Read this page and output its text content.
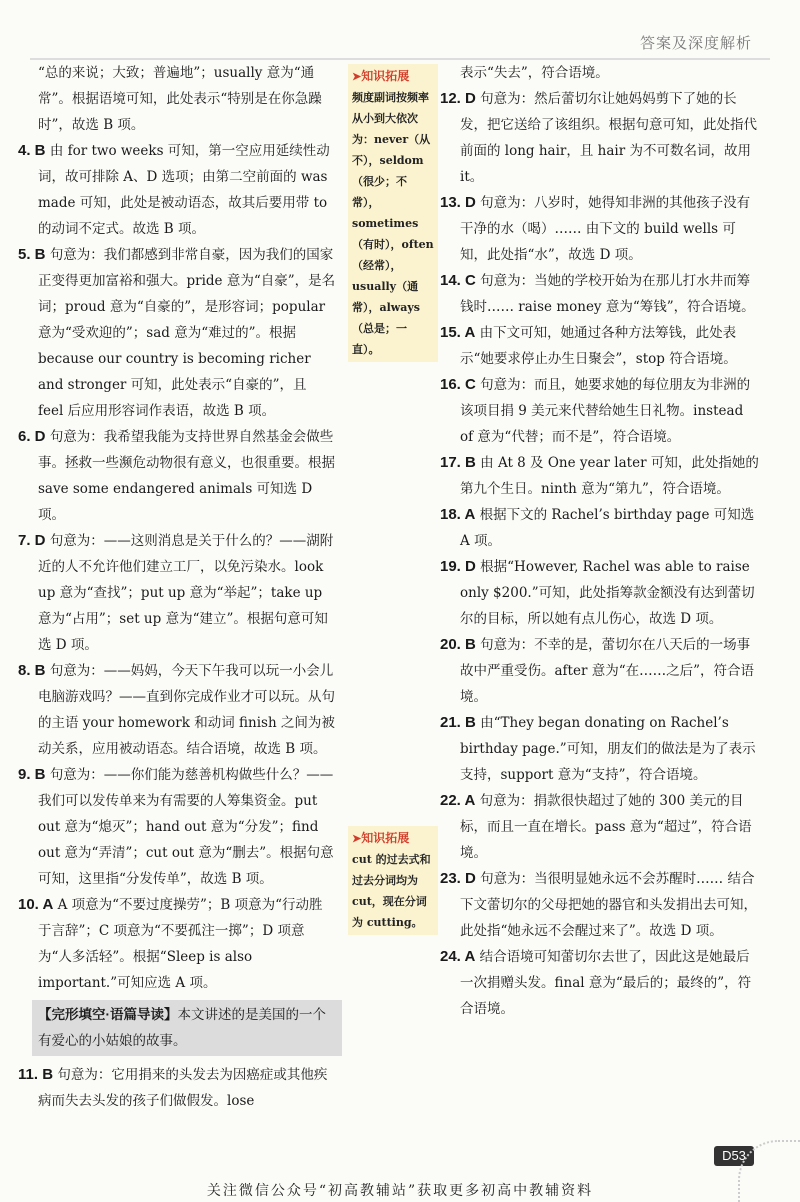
答案及深度解析

“总的来说；大致；普遍地”；usually 意为“通常”。根据语境可知，此处表示“特别是在你急躁时”，故选 B 项。

4. B 由 for two weeks 可知，第一空应用延续性动词，故可排除 A、D 选项；由第二空前面的 was made 可知，此处是被动语态，故其后要用带 to 的动词不定式。故选 B 项。

5. B 句意为：我们都感到非常自豪，因为我们的国家正变得更加富裕和强大。pride 意为“自豪”，是名词；proud 意为“自豪的”，是形容词；popular 意为“受欢迎的”；sad 意为“难过的”。根据 because our country is becoming richer and stronger 可知，此处表示“自豪的”，且 feel 后应用形容词作表语，故选 B 项。

6. D 句意为：我希望我能为支持世界自然基金会做些事。拯救一些濒危动物很有意义，也很重要。根据 save some endangered animals 可知选 D 项。

7. D 句意为：——这则消息是关于什么的？——湖附近的人不允许他们建立工厂，以免污染水。look up 意为“查找”；put up 意为“举起”；take up 意为“占用”；set up 意为“建立”。根据句意可知选 D 项。

8. B 句意为：——妈妈，今天下午我可以玩一小会儿电脑游戏吗？——直到你完成作业才可以玩。从句的主语 your homework 和动词 finish 之间为被动关系，应用被动语态。结合语境，故选 B 项。

9. B 句意为：——你们能为慈善机构做些什么？——我们可以发传单来为有需要的人筹集资金。put out 意为“熄灭”；hand out 意为“分发”；find out 意为“弄清”；cut out 意为“删去”。根据句意可知，这里指“分发传单”，故选 B 项。

10. A A 项意为“不要过度操劳”；B 项意为“行动胜于言辞”；C 项意为“不要孤注一掷”；D 项意为“人多活轻”。根据“Sleep is also important.”可知应选 A 项。

【完形填空·语篇导读】本文讲述的是美国的一个有爱心的小姑娘的故事。

11. B 句意为：它用捐来的头发去为因癌症或其他疾病而失去头发的孩子们做假发。lose

➤知识拓展
频度副词按频率从小到大依次为：never（从不），seldom（很少；不常），sometimes（有时），often（经常），usually（通常），always（总是；一直）。
➤知识拓展
cut 的过去式和过去分词均为 cut，现在分词为 cutting。

表示“失去”，符合语境。

12. D 句意为：然后蕾切尔让她妈妈剪下了她的长发，把它送给了该组织。根据句意可知，此处指代前面的 long hair，且 hair 为不可数名词，故用 it。

13. D 句意为：八岁时，她得知非洲的其他孩子没有干净的水（喝）…… 由下文的 build wells 可知，此处指“水”，故选 D 项。

14. C 句意为：当她的学校开始为在那儿打水井而筹钱时…… raise money 意为“筹钱”，符合语境。

15. A 由下文可知，她通过各种方法筹钱，此处表示“她要求停止办生日聚会”，stop 符合语境。

16. C 句意为：而且，她要求她的每位朋友为非洲的该项目捐 9 美元来代替给她生日礼物。instead of 意为“代替；而不是”，符合语境。

17. B 由 At 8 及 One year later 可知，此处指她的第九个生日。ninth 意为“第九”，符合语境。

18. A 根据下文的 Rachel’s birthday page 可知选 A 项。

19. D 根据“However, Rachel was able to raise only $200.”可知，此处指筹款金额没有达到蕾切尔的目标，所以她有点儿伤心，故选 D 项。

20. B 句意为：不幸的是，蕾切尔在八天后的一场事故中严重受伤。after 意为“在……之后”，符合语境。

21. B 由“They began donating on Rachel’s birthday page.”可知，朋友们的做法是为了表示支持，support 意为“支持”，符合语境。

22. A 句意为：捐款很快超过了她的 300 美元的目标，而且一直在增长。pass 意为“超过”，符合语境。

23. D 句意为：当很明显她永远不会苏醒时…… 结合下文蕾切尔的父母把她的器官和头发捐出去可知，此处指“她永远不会醒过来了”。故选 D 项。

24. A 结合语境可知蕾切尔去世了，因此这是她最后一次捐赠头发。final 意为“最后的；最终的”，符合语境。

D53
关注微信公众号“初高教辅站”获取更多初高中教辅资料
